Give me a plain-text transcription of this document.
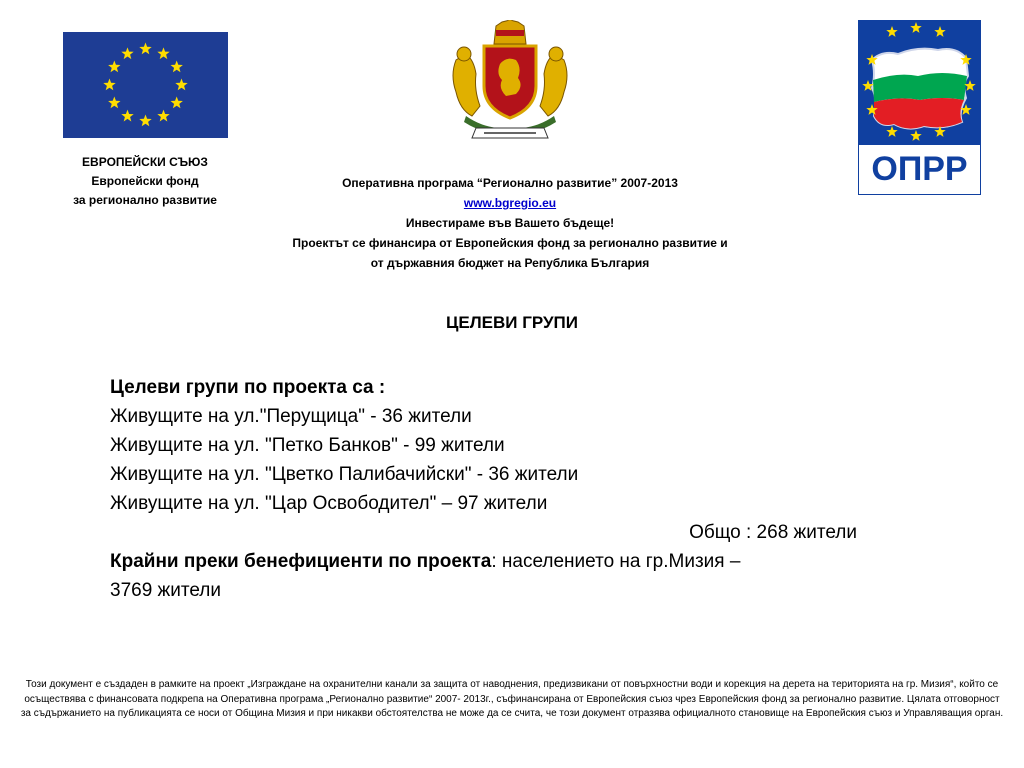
ОПРР
ЕВРОПЕЙСКИ СЪЮЗ
Европейски фонд
за регионално развитие
Оперативна програма “Регионално развитие” 2007-2013
www.bgregio.eu
Инвестираме във Вашето бъдеще!
Проектът се финансира от Европейския фонд за регионално развитие и
от държавния бюджет на Република България
ЦЕЛЕВИ ГРУПИ
Целеви групи по проекта са :
Живущите на ул."Перущица" - 36 жители
Живущите на ул. "Петко Банков" - 99 жители
Живущите на ул. "Цветко Палибачийски" - 36 жители
Живущите на ул. "Цар Освободител" – 97 жители
Общо : 268 жители
Крайни преки бенефициенти по проекта: населението на гр.Мизия –
3769 жители
Този документ е създаден в рамките на проект „Изграждане на охранителни канали за защита от наводнения, предизвикани от повърхностни води и корекция на дерета на територията на гр. Мизия“, който се осъществява с финансовата подкрепа на Оперативна програма „Регионално развитие“ 2007- 2013г., съфинансирана от Европейския съюз чрез Европейския фонд за регионално развитие. Цялата отговорност за съдържанието на публикацията се носи от Община Мизия и при никакви обстоятелства не може да се счита, че този документ отразява официалното становище на Европейския съюз и Управляващия орган.
